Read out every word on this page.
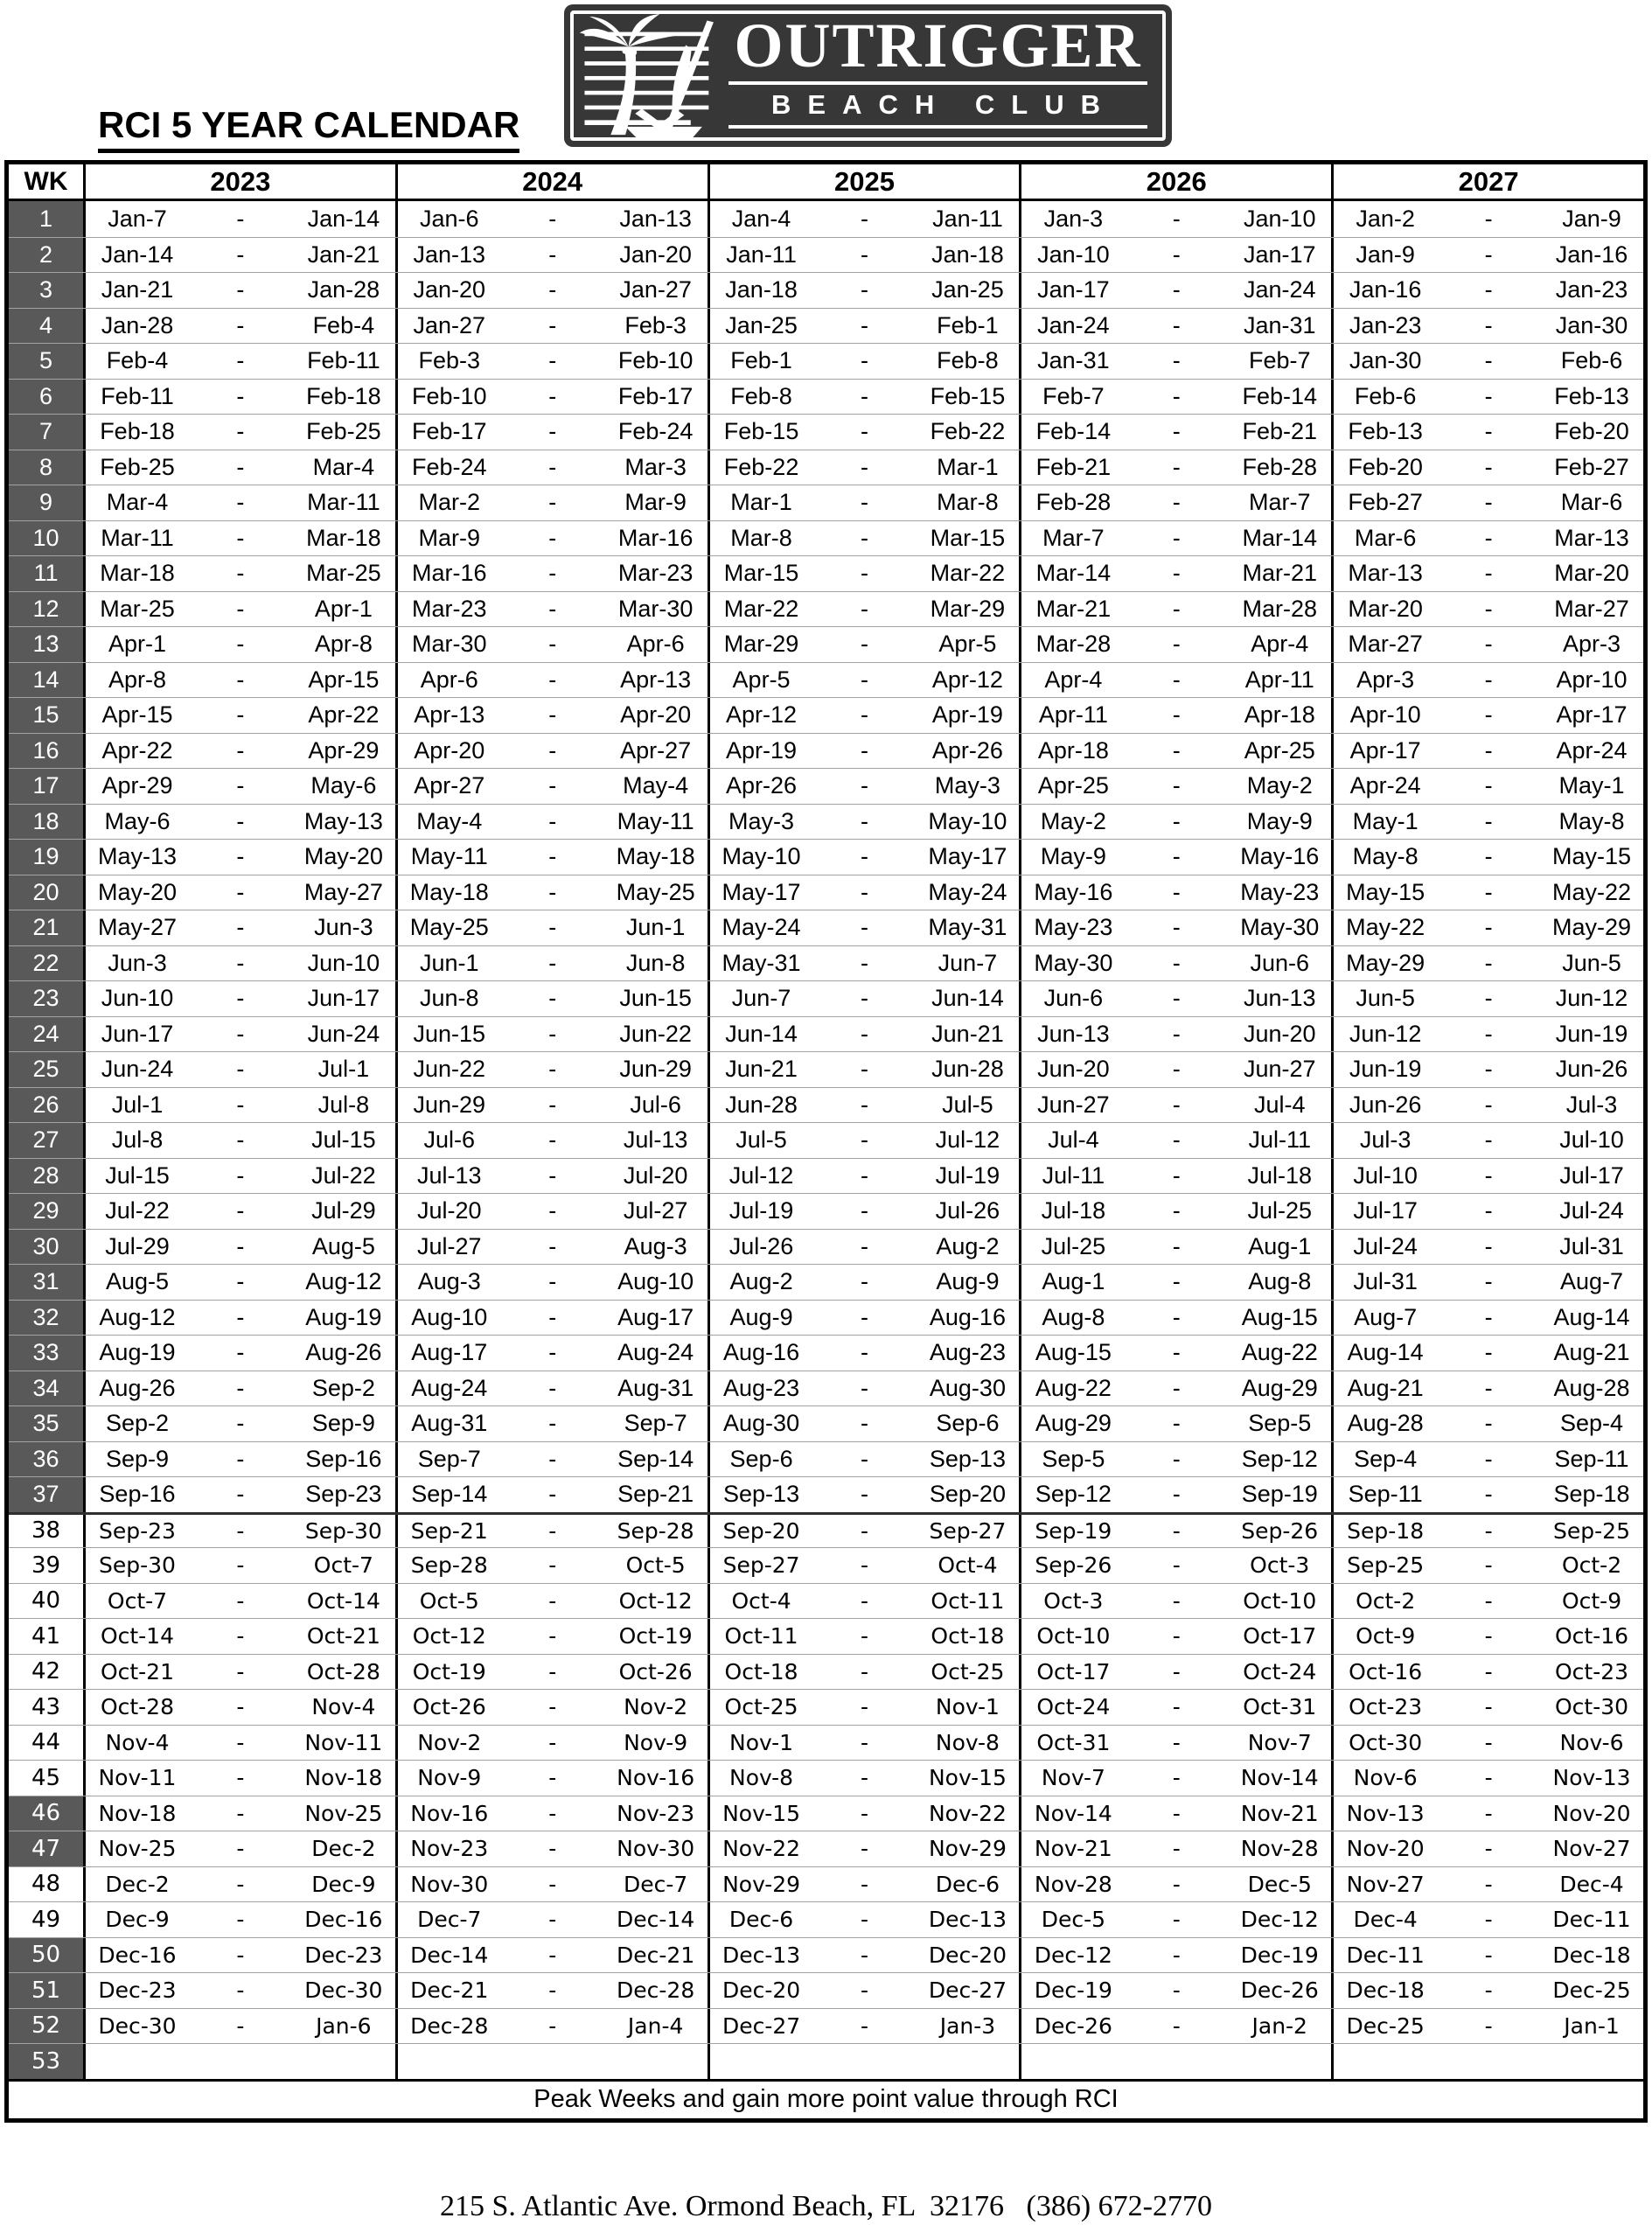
OUTRIGGER
BEACH CLUB
RCI 5 YEAR CALENDAR
WK	2023	2024	2025	2026	2027
1	Jan-7	-	Jan-14	Jan-6	-	Jan-13	Jan-4	-	Jan-11	Jan-3	-	Jan-10	Jan-2	-	Jan-9
2	Jan-14	-	Jan-21	Jan-13	-	Jan-20	Jan-11	-	Jan-18	Jan-10	-	Jan-17	Jan-9	-	Jan-16
3	Jan-21	-	Jan-28	Jan-20	-	Jan-27	Jan-18	-	Jan-25	Jan-17	-	Jan-24	Jan-16	-	Jan-23
4	Jan-28	-	Feb-4	Jan-27	-	Feb-3	Jan-25	-	Feb-1	Jan-24	-	Jan-31	Jan-23	-	Jan-30
5	Feb-4	-	Feb-11	Feb-3	-	Feb-10	Feb-1	-	Feb-8	Jan-31	-	Feb-7	Jan-30	-	Feb-6
6	Feb-11	-	Feb-18	Feb-10	-	Feb-17	Feb-8	-	Feb-15	Feb-7	-	Feb-14	Feb-6	-	Feb-13
7	Feb-18	-	Feb-25	Feb-17	-	Feb-24	Feb-15	-	Feb-22	Feb-14	-	Feb-21	Feb-13	-	Feb-20
8	Feb-25	-	Mar-4	Feb-24	-	Mar-3	Feb-22	-	Mar-1	Feb-21	-	Feb-28	Feb-20	-	Feb-27
9	Mar-4	-	Mar-11	Mar-2	-	Mar-9	Mar-1	-	Mar-8	Feb-28	-	Mar-7	Feb-27	-	Mar-6
10	Mar-11	-	Mar-18	Mar-9	-	Mar-16	Mar-8	-	Mar-15	Mar-7	-	Mar-14	Mar-6	-	Mar-13
11	Mar-18	-	Mar-25	Mar-16	-	Mar-23	Mar-15	-	Mar-22	Mar-14	-	Mar-21	Mar-13	-	Mar-20
12	Mar-25	-	Apr-1	Mar-23	-	Mar-30	Mar-22	-	Mar-29	Mar-21	-	Mar-28	Mar-20	-	Mar-27
13	Apr-1	-	Apr-8	Mar-30	-	Apr-6	Mar-29	-	Apr-5	Mar-28	-	Apr-4	Mar-27	-	Apr-3
14	Apr-8	-	Apr-15	Apr-6	-	Apr-13	Apr-5	-	Apr-12	Apr-4	-	Apr-11	Apr-3	-	Apr-10
15	Apr-15	-	Apr-22	Apr-13	-	Apr-20	Apr-12	-	Apr-19	Apr-11	-	Apr-18	Apr-10	-	Apr-17
16	Apr-22	-	Apr-29	Apr-20	-	Apr-27	Apr-19	-	Apr-26	Apr-18	-	Apr-25	Apr-17	-	Apr-24
17	Apr-29	-	May-6	Apr-27	-	May-4	Apr-26	-	May-3	Apr-25	-	May-2	Apr-24	-	May-1
18	May-6	-	May-13	May-4	-	May-11	May-3	-	May-10	May-2	-	May-9	May-1	-	May-8
19	May-13	-	May-20	May-11	-	May-18	May-10	-	May-17	May-9	-	May-16	May-8	-	May-15
20	May-20	-	May-27	May-18	-	May-25	May-17	-	May-24	May-16	-	May-23	May-15	-	May-22
21	May-27	-	Jun-3	May-25	-	Jun-1	May-24	-	May-31	May-23	-	May-30	May-22	-	May-29
22	Jun-3	-	Jun-10	Jun-1	-	Jun-8	May-31	-	Jun-7	May-30	-	Jun-6	May-29	-	Jun-5
23	Jun-10	-	Jun-17	Jun-8	-	Jun-15	Jun-7	-	Jun-14	Jun-6	-	Jun-13	Jun-5	-	Jun-12
24	Jun-17	-	Jun-24	Jun-15	-	Jun-22	Jun-14	-	Jun-21	Jun-13	-	Jun-20	Jun-12	-	Jun-19
25	Jun-24	-	Jul-1	Jun-22	-	Jun-29	Jun-21	-	Jun-28	Jun-20	-	Jun-27	Jun-19	-	Jun-26
26	Jul-1	-	Jul-8	Jun-29	-	Jul-6	Jun-28	-	Jul-5	Jun-27	-	Jul-4	Jun-26	-	Jul-3
27	Jul-8	-	Jul-15	Jul-6	-	Jul-13	Jul-5	-	Jul-12	Jul-4	-	Jul-11	Jul-3	-	Jul-10
28	Jul-15	-	Jul-22	Jul-13	-	Jul-20	Jul-12	-	Jul-19	Jul-11	-	Jul-18	Jul-10	-	Jul-17
29	Jul-22	-	Jul-29	Jul-20	-	Jul-27	Jul-19	-	Jul-26	Jul-18	-	Jul-25	Jul-17	-	Jul-24
30	Jul-29	-	Aug-5	Jul-27	-	Aug-3	Jul-26	-	Aug-2	Jul-25	-	Aug-1	Jul-24	-	Jul-31
31	Aug-5	-	Aug-12	Aug-3	-	Aug-10	Aug-2	-	Aug-9	Aug-1	-	Aug-8	Jul-31	-	Aug-7
32	Aug-12	-	Aug-19	Aug-10	-	Aug-17	Aug-9	-	Aug-16	Aug-8	-	Aug-15	Aug-7	-	Aug-14
33	Aug-19	-	Aug-26	Aug-17	-	Aug-24	Aug-16	-	Aug-23	Aug-15	-	Aug-22	Aug-14	-	Aug-21
34	Aug-26	-	Sep-2	Aug-24	-	Aug-31	Aug-23	-	Aug-30	Aug-22	-	Aug-29	Aug-21	-	Aug-28
35	Sep-2	-	Sep-9	Aug-31	-	Sep-7	Aug-30	-	Sep-6	Aug-29	-	Sep-5	Aug-28	-	Sep-4
36	Sep-9	-	Sep-16	Sep-7	-	Sep-14	Sep-6	-	Sep-13	Sep-5	-	Sep-12	Sep-4	-	Sep-11
37	Sep-16	-	Sep-23	Sep-14	-	Sep-21	Sep-13	-	Sep-20	Sep-12	-	Sep-19	Sep-11	-	Sep-18
38	Sep-23	-	Sep-30	Sep-21	-	Sep-28	Sep-20	-	Sep-27	Sep-19	-	Sep-26	Sep-18	-	Sep-25
39	Sep-30	-	Oct-7	Sep-28	-	Oct-5	Sep-27	-	Oct-4	Sep-26	-	Oct-3	Sep-25	-	Oct-2
40	Oct-7	-	Oct-14	Oct-5	-	Oct-12	Oct-4	-	Oct-11	Oct-3	-	Oct-10	Oct-2	-	Oct-9
41	Oct-14	-	Oct-21	Oct-12	-	Oct-19	Oct-11	-	Oct-18	Oct-10	-	Oct-17	Oct-9	-	Oct-16
42	Oct-21	-	Oct-28	Oct-19	-	Oct-26	Oct-18	-	Oct-25	Oct-17	-	Oct-24	Oct-16	-	Oct-23
43	Oct-28	-	Nov-4	Oct-26	-	Nov-2	Oct-25	-	Nov-1	Oct-24	-	Oct-31	Oct-23	-	Oct-30
44	Nov-4	-	Nov-11	Nov-2	-	Nov-9	Nov-1	-	Nov-8	Oct-31	-	Nov-7	Oct-30	-	Nov-6
45	Nov-11	-	Nov-18	Nov-9	-	Nov-16	Nov-8	-	Nov-15	Nov-7	-	Nov-14	Nov-6	-	Nov-13
46	Nov-18	-	Nov-25	Nov-16	-	Nov-23	Nov-15	-	Nov-22	Nov-14	-	Nov-21	Nov-13	-	Nov-20
47	Nov-25	-	Dec-2	Nov-23	-	Nov-30	Nov-22	-	Nov-29	Nov-21	-	Nov-28	Nov-20	-	Nov-27
48	Dec-2	-	Dec-9	Nov-30	-	Dec-7	Nov-29	-	Dec-6	Nov-28	-	Dec-5	Nov-27	-	Dec-4
49	Dec-9	-	Dec-16	Dec-7	-	Dec-14	Dec-6	-	Dec-13	Dec-5	-	Dec-12	Dec-4	-	Dec-11
50	Dec-16	-	Dec-23	Dec-14	-	Dec-21	Dec-13	-	Dec-20	Dec-12	-	Dec-19	Dec-11	-	Dec-18
51	Dec-23	-	Dec-30	Dec-21	-	Dec-28	Dec-20	-	Dec-27	Dec-19	-	Dec-26	Dec-18	-	Dec-25
52	Dec-30	-	Jan-6	Dec-28	-	Jan-4	Dec-27	-	Jan-3	Dec-26	-	Jan-2	Dec-25	-	Jan-1
53
Peak Weeks and gain more point value through RCI
215 S. Atlantic Ave. Ormond Beach, FL  32176   (386) 672-2770
